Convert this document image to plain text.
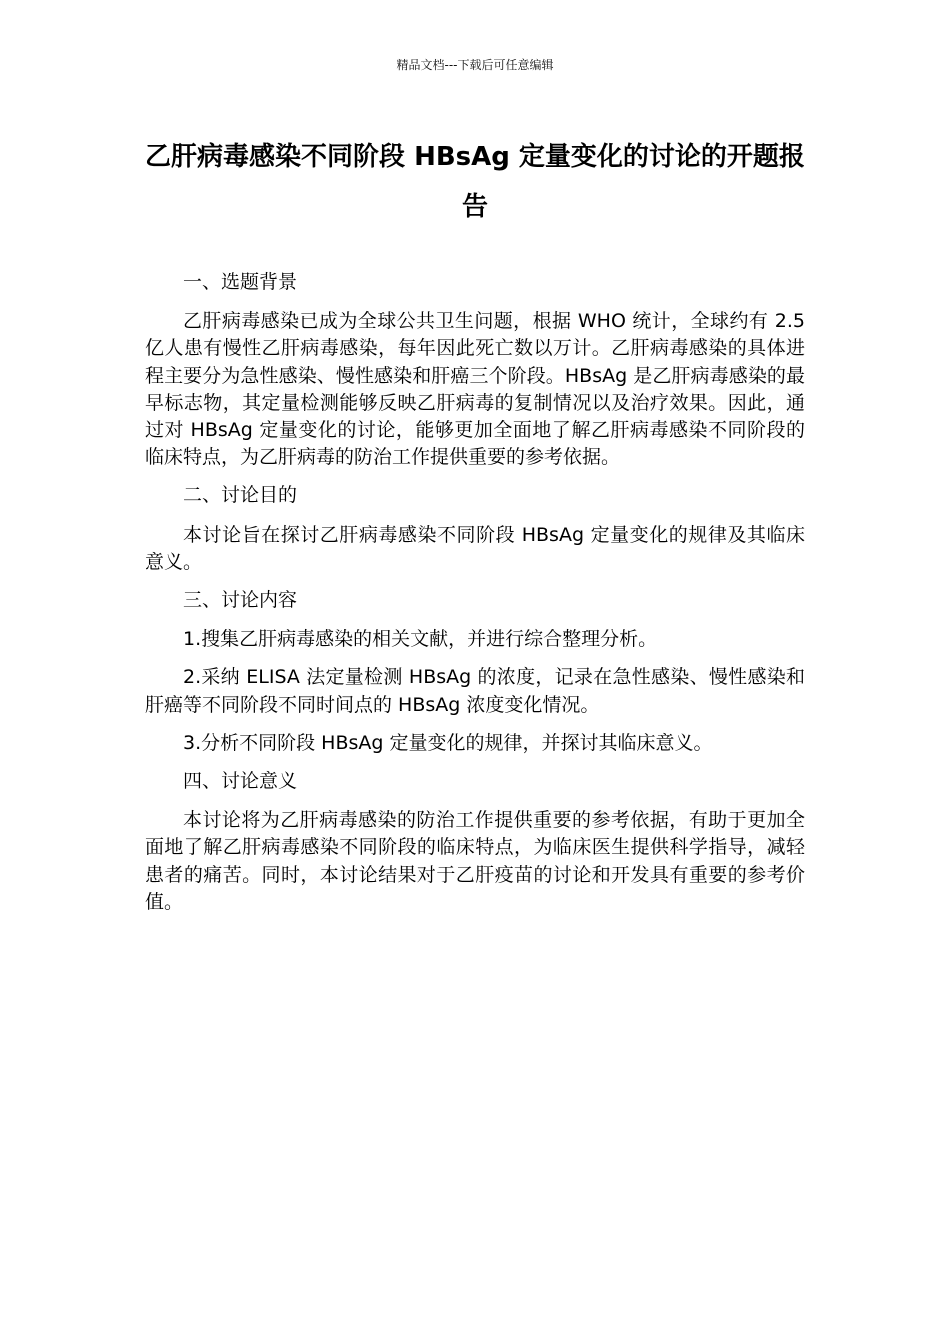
精品文档---下载后可任意编辑
乙肝病毒感染不同阶段 HBsAg 定量变化的讨论的开题报告

一、选题背景

乙肝病毒感染已成为全球公共卫生问题，根据 WHO 统计，全球约有 2.5 亿人患有慢性乙肝病毒感染，每年因此死亡数以万计。乙肝病毒感染的具体进程主要分为急性感染、慢性感染和肝癌三个阶段。HBsAg 是乙肝病毒感染的最早标志物，其定量检测能够反映乙肝病毒的复制情况以及治疗效果。因此，通过对 HBsAg 定量变化的讨论，能够更加全面地了解乙肝病毒感染不同阶段的临床特点，为乙肝病毒的防治工作提供重要的参考依据。

二、讨论目的

本讨论旨在探讨乙肝病毒感染不同阶段 HBsAg 定量变化的规律及其临床意义。

三、讨论内容

1.搜集乙肝病毒感染的相关文献，并进行综合整理分析。

2.采纳 ELISA 法定量检测 HBsAg 的浓度，记录在急性感染、慢性感染和肝癌等不同阶段不同时间点的 HBsAg 浓度变化情况。

3.分析不同阶段 HBsAg 定量变化的规律，并探讨其临床意义。

四、讨论意义

本讨论将为乙肝病毒感染的防治工作提供重要的参考依据，有助于更加全面地了解乙肝病毒感染不同阶段的临床特点，为临床医生提供科学指导，减轻患者的痛苦。同时，本讨论结果对于乙肝疫苗的讨论和开发具有重要的参考价值。
